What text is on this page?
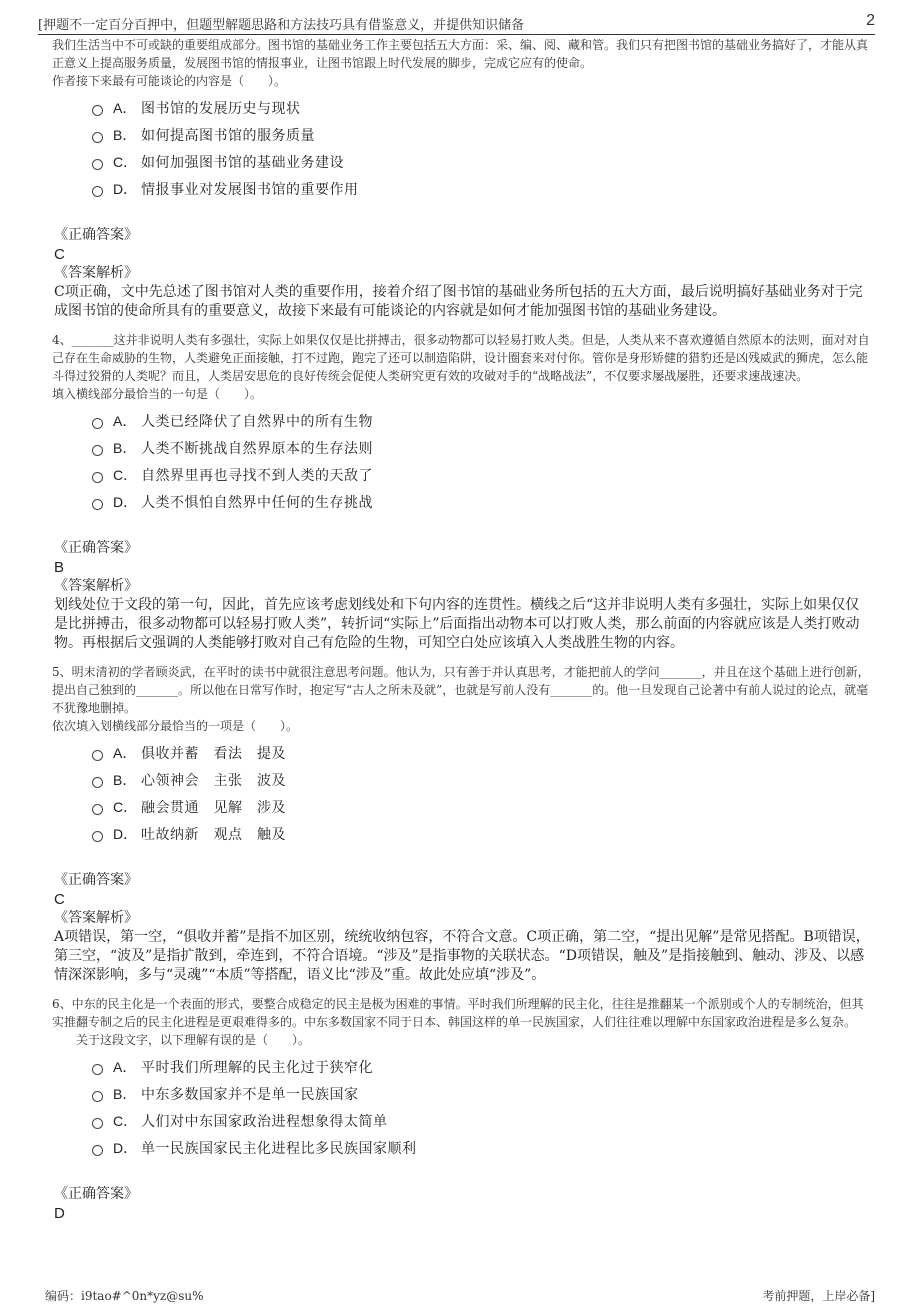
[押题不一定百分百押中，但题型解题思路和方法技巧具有借鉴意义，并提供知识储备	2

我们生活当中不可或缺的重要组成部分。图书馆的基础业务工作主要包括五大方面：采、编、阅、藏和管。我们只有把图书馆的基础业务搞好了，才能从真正意义上提高服务质量，发展图书馆的情报事业，让图书馆跟上时代发展的脚步，完成它应有的使命。

作者接下来最有可能谈论的内容是（　　）。

A． 图书馆的发展历史与现状
B． 如何提高图书馆的服务质量
C． 如何加强图书馆的基础业务建设
D． 情报事业对发展图书馆的重要作用

《正确答案》

C

《答案解析》

C项正确，文中先总述了图书馆对人类的重要作用，接着介绍了图书馆的基础业务所包括的五大方面，最后说明搞好基础业务对于完成图书馆的使命所具有的重要意义，故接下来最有可能谈论的内容就是如何才能加强图书馆的基础业务建设。

4、_______这并非说明人类有多强壮，实际上如果仅仅是比拼搏击，很多动物都可以轻易打败人类。但是，人类从来不喜欢遵循自然原本的法则，面对对自己存在生命威胁的生物，人类避免正面接触，打不过跑，跑完了还可以制造陷阱，设计圈套来对付你。管你是身形矫健的猎豹还是凶残威武的狮虎，怎么能斗得过狡猾的人类呢？而且，人类居安思危的良好传统会促使人类研究更有效的攻破对手的“战略战法”，不仅要求屡战屡胜，还要求速战速决。

填入横线部分最恰当的一句是（　　）。

A． 人类已经降伏了自然界中的所有生物
B． 人类不断挑战自然界原本的生存法则
C． 自然界里再也寻找不到人类的天敌了
D． 人类不惧怕自然界中任何的生存挑战

《正确答案》

B

《答案解析》

划线处位于文段的第一句，因此，首先应该考虑划线处和下句内容的连贯性。横线之后“这并非说明人类有多强壮，实际上如果仅仅是比拼搏击，很多动物都可以轻易打败人类”，转折词“实际上”后面指出动物本可以打败人类，那么前面的内容就应该是人类打败动物。再根据后文强调的人类能够打败对自己有危险的生物，可知空白处应该填入人类战胜生物的内容。

5、明末清初的学者顾炎武，在平时的读书中就很注意思考问题。他认为，只有善于并认真思考，才能把前人的学问_______，并且在这个基础上进行创新，提出自己独到的_______。所以他在日常写作时，抱定写“古人之所未及就”，也就是写前人没有_______的。他一旦发现自己论著中有前人说过的论点，就毫不犹豫地删掉。

依次填入划横线部分最恰当的一项是（　　）。

A． 俱收并蓄　看法　提及
B． 心领神会　主张　波及
C． 融会贯通　见解　涉及
D． 吐故纳新　观点　触及

《正确答案》

C

《答案解析》

A项错误，第一空，“俱收并蓄”是指不加区别，统统收纳包容，不符合文意。C项正确，第二空，“提出见解”是常见搭配。B项错误，第三空，“波及”是指扩散到，牵连到，不符合语境。“涉及”是指事物的关联状态。“D项错误，触及”是指接触到、触动、涉及、以感情深深影响，多与“灵魂”“本质”等搭配，语义比“涉及”重。故此处应填“涉及”。

6、中东的民主化是一个表面的形式，要整合成稳定的民主是极为困难的事情。平时我们所理解的民主化，往往是推翻某一个派别或个人的专制统治，但其实推翻专制之后的民主化进程是更艰难得多的。中东多数国家不同于日本、韩国这样的单一民族国家，人们往往难以理解中东国家政治进程是多么复杂。

关于这段文字，以下理解有误的是（　　）。

A． 平时我们所理解的民主化过于狭窄化
B． 中东多数国家并不是单一民族国家
C． 人们对中东国家政治进程想象得太简单
D． 单一民族国家民主化进程比多民族国家顺利

《正确答案》

D

编码：i9tao#^0n*yz@su%	考前押题，上岸必备]
